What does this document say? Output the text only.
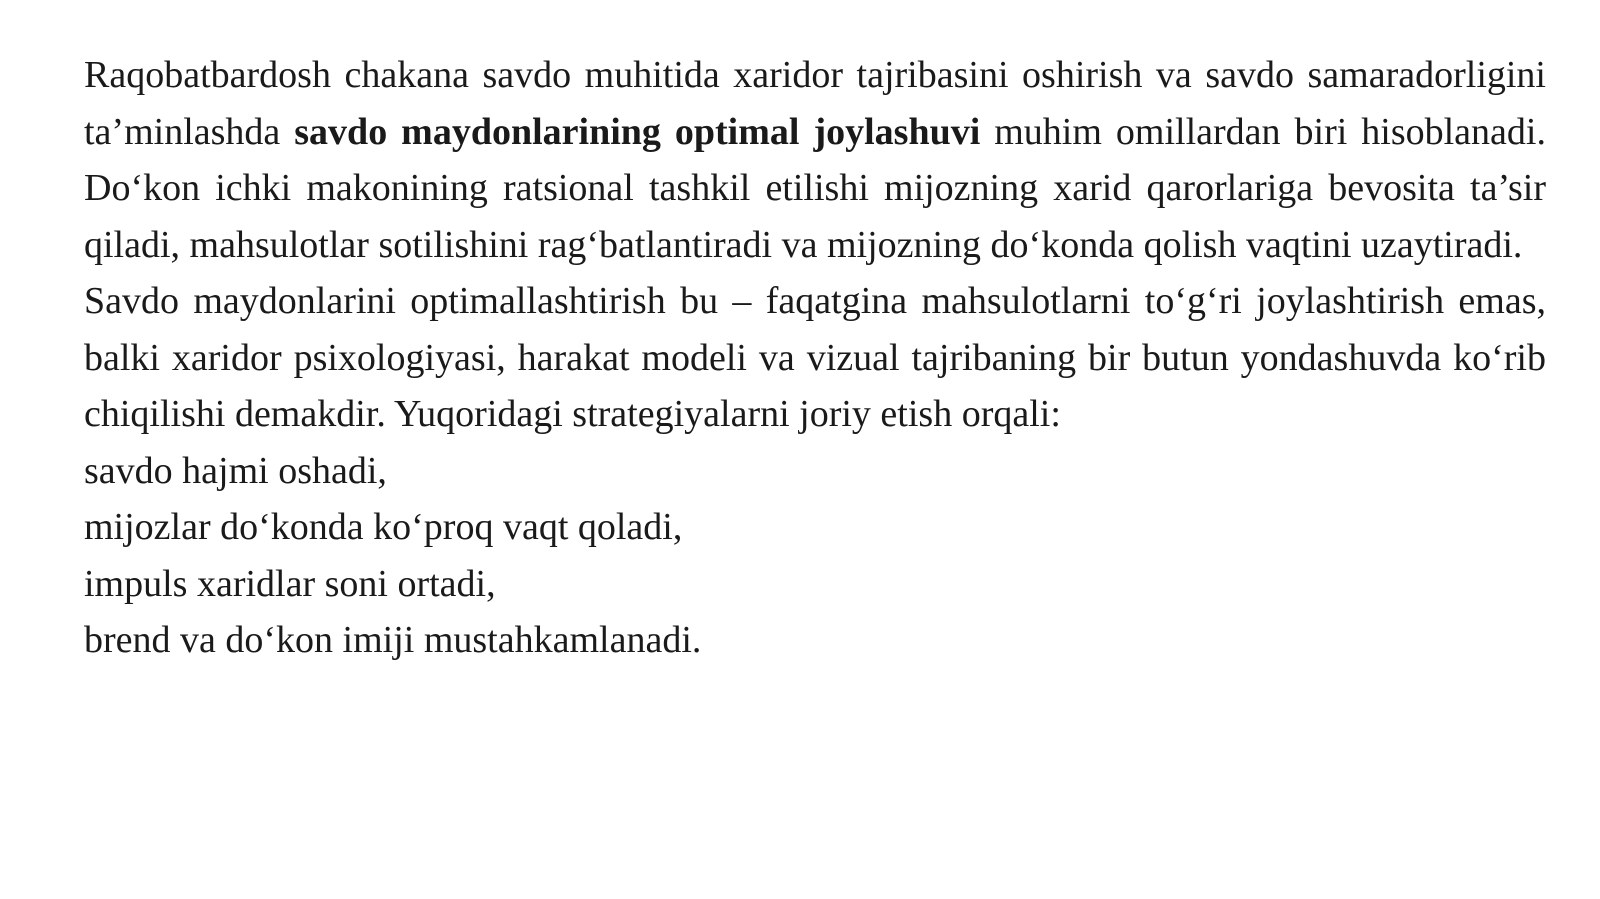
Raqobatbardosh chakana savdo muhitida xaridor tajribasini oshirish va savdo samaradorligini ta’minlashda savdo maydonlarining optimal joylashuvi muhim omillardan biri hisoblanadi. Do‘kon ichki makonining ratsional tashkil etilishi mijozning xarid qarorlariga bevosita ta’sir qiladi, mahsulotlar sotilishini rag‘batlantiradi va mijozning do‘konda qolish vaqtini uzaytiradi.

Savdo maydonlarini optimallashtirish bu – faqatgina mahsulotlarni to‘g‘ri joylashtirish emas, balki xaridor psixologiyasi, harakat modeli va vizual tajribaning bir butun yondashuvda ko‘rib chiqilishi demakdir. Yuqoridagi strategiyalarni joriy etish orqali:

savdo hajmi oshadi,

mijozlar do‘konda ko‘proq vaqt qoladi,

impuls xaridlar soni ortadi,

brend va do‘kon imiji mustahkamlanadi.
